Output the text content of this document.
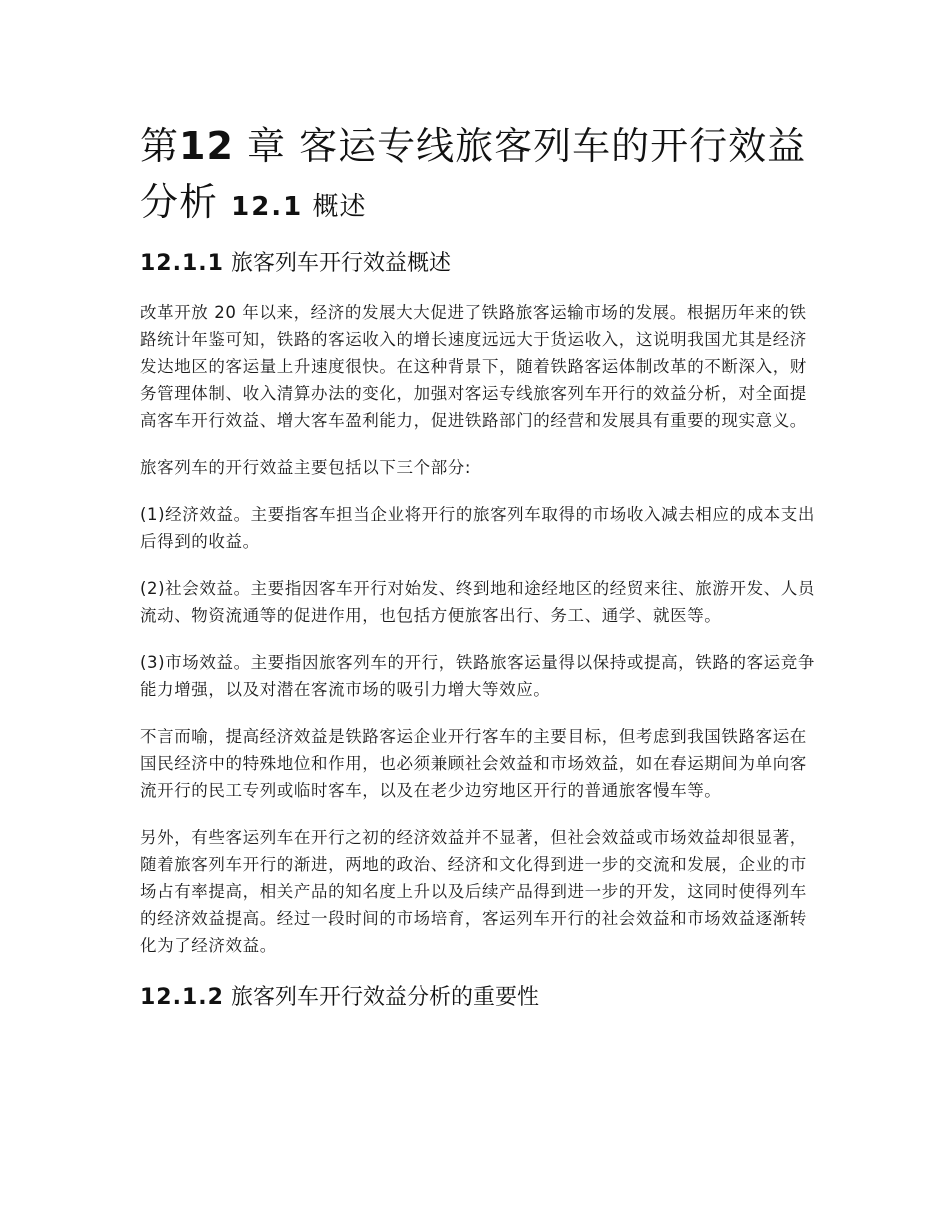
第12 章 客运专线旅客列车的开行效益分析 12.1 概述
12.1.1 旅客列车开行效益概述

改革开放 20 年以来，经济的发展大大促进了铁路旅客运输市场的发展。根据历年来的铁路统计年鉴可知，铁路的客运收入的增长速度远远大于货运收入，这说明我国尤其是经济发达地区的客运量上升速度很快。在这种背景下，随着铁路客运体制改革的不断深入，财务管理体制、收入清算办法的变化，加强对客运专线旅客列车开行的效益分析，对全面提高客车开行效益、增大客车盈利能力，促进铁路部门的经营和发展具有重要的现实意义。

旅客列车的开行效益主要包括以下三个部分:

(1)经济效益。主要指客车担当企业将开行的旅客列车取得的市场收入减去相应的成本支出后得到的收益。

(2)社会效益。主要指因客车开行对始发、终到地和途经地区的经贸来往、旅游开发、人员流动、物资流通等的促进作用，也包括方便旅客出行、务工、通学、就医等。

(3)市场效益。主要指因旅客列车的开行，铁路旅客运量得以保持或提高，铁路的客运竞争能力增强，以及对潜在客流市场的吸引力增大等效应。

不言而喻，提高经济效益是铁路客运企业开行客车的主要目标，但考虑到我国铁路客运在国民经济中的特殊地位和作用，也必须兼顾社会效益和市场效益，如在春运期间为单向客流开行的民工专列或临时客车，以及在老少边穷地区开行的普通旅客慢车等。

另外，有些客运列车在开行之初的经济效益并不显著，但社会效益或市场效益却很显著，随着旅客列车开行的渐进，两地的政治、经济和文化得到进一步的交流和发展，企业的市场占有率提高，相关产品的知名度上升以及后续产品得到进一步的开发，这同时使得列车的经济效益提高。经过一段时间的市场培育，客运列车开行的社会效益和市场效益逐渐转化为了经济效益。

12.1.2 旅客列车开行效益分析的重要性
